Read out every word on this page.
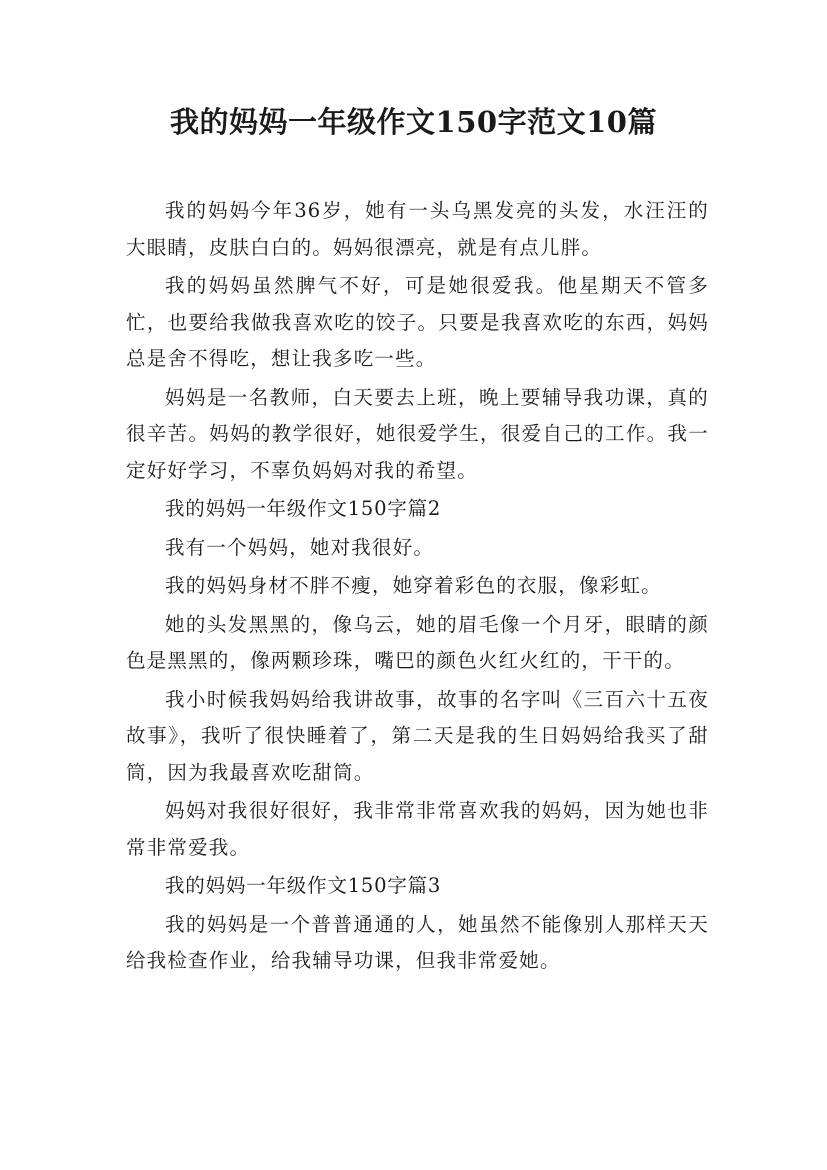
我的妈妈一年级作文150字范文10篇

我的妈妈今年36岁，她有一头乌黑发亮的头发，水汪汪的大眼睛，皮肤白白的。妈妈很漂亮，就是有点儿胖。

我的妈妈虽然脾气不好，可是她很爱我。他星期天不管多忙，也要给我做我喜欢吃的饺子。只要是我喜欢吃的东西，妈妈总是舍不得吃，想让我多吃一些。

妈妈是一名教师，白天要去上班，晚上要辅导我功课，真的很辛苦。妈妈的教学很好，她很爱学生，很爱自己的工作。我一定好好学习，不辜负妈妈对我的希望。

我的妈妈一年级作文150字篇2

我有一个妈妈，她对我很好。

我的妈妈身材不胖不瘦，她穿着彩色的衣服，像彩虹。

她的头发黑黑的，像乌云，她的眉毛像一个月牙，眼睛的颜色是黑黑的，像两颗珍珠，嘴巴的颜色火红火红的，干干的。

我小时候我妈妈给我讲故事，故事的名字叫《三百六十五夜故事》，我听了很快睡着了，第二天是我的生日妈妈给我买了甜筒，因为我最喜欢吃甜筒。

妈妈对我很好很好，我非常非常喜欢我的妈妈，因为她也非常非常爱我。

我的妈妈一年级作文150字篇3

我的妈妈是一个普普通通的人，她虽然不能像别人那样天天给我检查作业，给我辅导功课，但我非常爱她。
